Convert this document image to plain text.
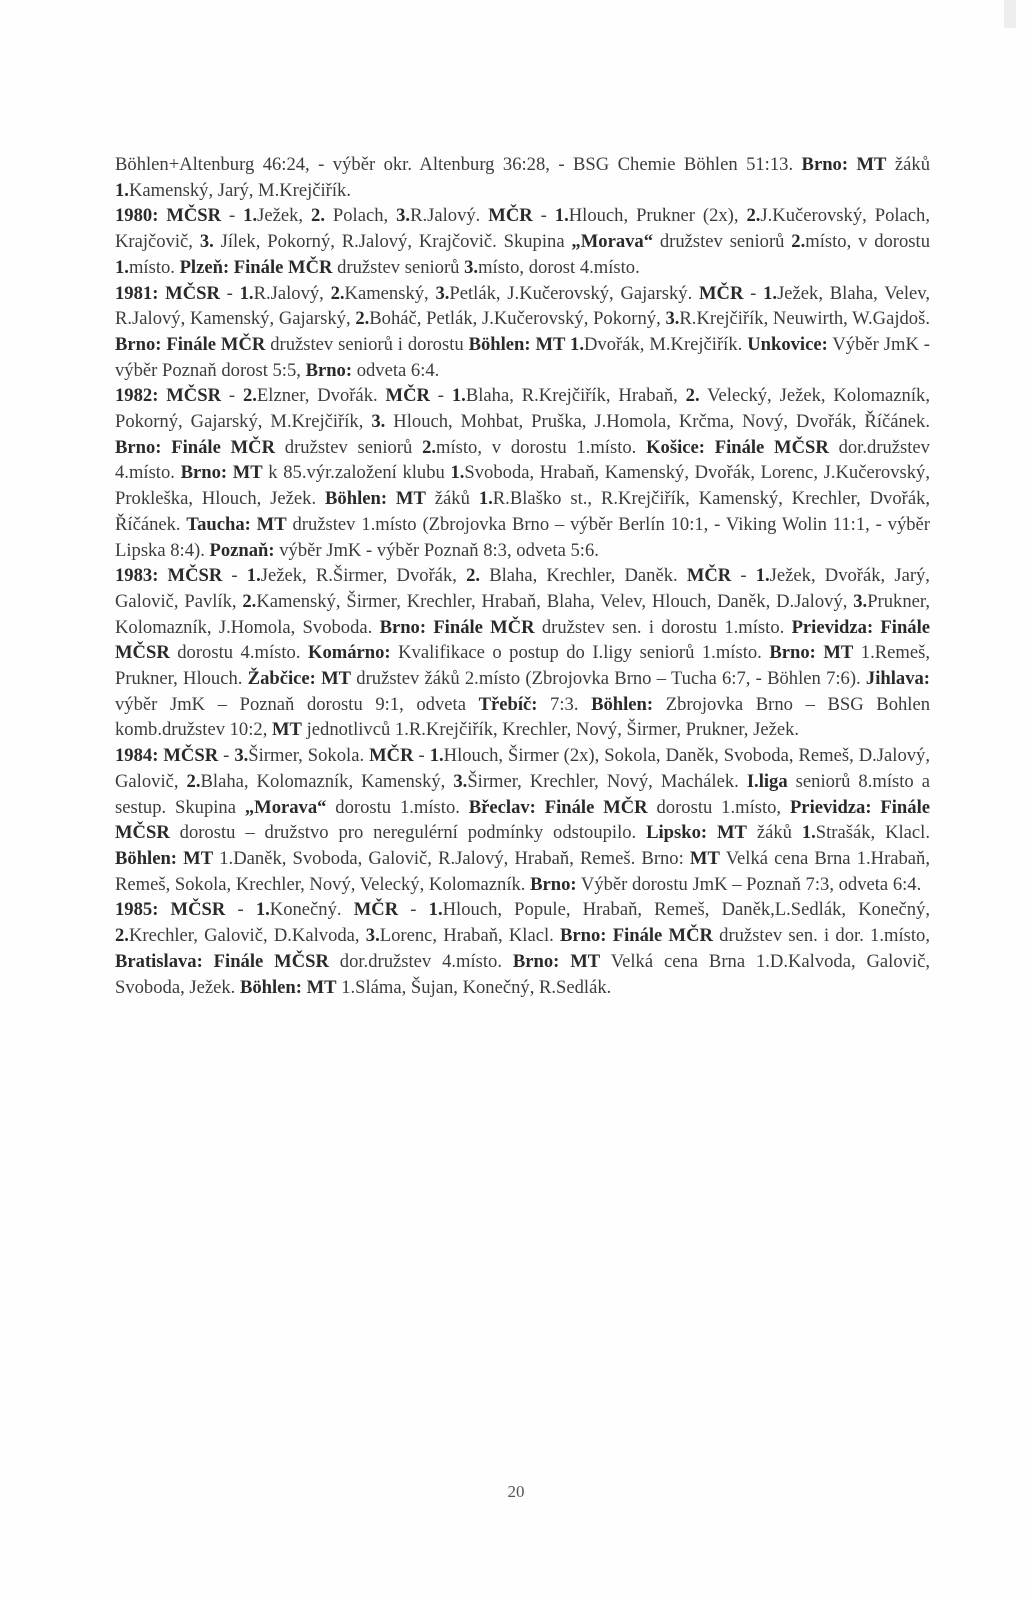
Böhlen+Altenburg 46:24, - výběr okr. Altenburg 36:28, - BSG Chemie Böhlen 51:13. Brno: MT žáků 1.Kamenský, Jarý, M.Krejčiřík.

1980: MČSR - 1.Ježek, 2. Polach, 3.R.Jalový. MČR - 1.Hlouch, Prukner (2x), 2.J.Kučerovský, Polach, Krajčovič, 3. Jílek, Pokorný, R.Jalový, Krajčovič. Skupina „Morava“ družstev seniorů 2.místo, v dorostu 1.místo. Plzeň: Finále MČR družstev seniorů 3.místo, dorost 4.místo.

1981: MČSR - 1.R.Jalový, 2.Kamenský, 3.Petlák, J.Kučerovský, Gajarský. MČR - 1.Ježek, Blaha, Velev, R.Jalový, Kamenský, Gajarský, 2.Boháč, Petlák, J.Kučerovský, Pokorný, 3.R.Krejčiřík, Neuwirth, W.Gajdoš. Brno: Finále MČR družstev seniorů i dorostu Böhlen: MT 1.Dvořák, M.Krejčiřík. Unkovice: Výběr JmK - výběr Poznaň dorost 5:5, Brno: odveta 6:4.

1982: MČSR - 2.Elzner, Dvořák. MČR - 1.Blaha, R.Krejčiřík, Hrabaň, 2. Velecký, Ježek, Kolomazník, Pokorný, Gajarský, M.Krejčiřík, 3. Hlouch, Mohbat, Pruška, J.Homola, Krčma, Nový, Dvořák, Říčánek. Brno: Finále MČR družstev seniorů 2.místo, v dorostu 1.místo. Košice: Finále MČSR dor.družstev 4.místo. Brno: MT k 85.výr.založení klubu 1.Svoboda, Hrabaň, Kamenský, Dvořák, Lorenc, J.Kučerovský, Prokleška, Hlouch, Ježek. Böhlen: MT žáků 1.R.Blaško st., R.Krejčiřík, Kamenský, Krechler, Dvořák, Říčánek. Taucha: MT družstev 1.místo (Zbrojovka Brno – výběr Berlín 10:1, - Viking Wolin 11:1, - výběr Lipska 8:4). Poznaň: výběr JmK - výběr Poznaň 8:3, odveta 5:6.

1983: MČSR - 1.Ježek, R.Širmer, Dvořák, 2. Blaha, Krechler, Daněk. MČR - 1.Ježek, Dvořák, Jarý, Galovič, Pavlík, 2.Kamenský, Širmer, Krechler, Hrabaň, Blaha, Velev, Hlouch, Daněk, D.Jalový, 3.Prukner, Kolomazník, J.Homola, Svoboda. Brno: Finále MČR družstev sen. i dorostu 1.místo. Prievidza: Finále MČSR dorostu 4.místo. Komárno: Kvalifikace o postup do I.ligy seniorů 1.místo. Brno: MT 1.Remeš, Prukner, Hlouch. Žabčice: MT družstev žáků 2.místo (Zbrojovka Brno – Tucha 6:7, - Böhlen 7:6). Jihlava: výběr JmK – Poznaň dorostu 9:1, odveta Třebíč: 7:3. Böhlen: Zbrojovka Brno – BSG Bohlen komb.družstev 10:2, MT jednotlivců 1.R.Krejčiřík, Krechler, Nový, Širmer, Prukner, Ježek.

1984: MČSR - 3.Širmer, Sokola. MČR - 1.Hlouch, Širmer (2x), Sokola, Daněk, Svoboda, Remeš, D.Jalový, Galovič, 2.Blaha, Kolomazník, Kamenský, 3.Širmer, Krechler, Nový, Machálek. I.liga seniorů 8.místo a sestup. Skupina „Morava“ dorostu 1.místo. Břeclav: Finále MČR dorostu 1.místo, Prievidza: Finále MČSR dorostu – družstvo pro neregulérní podmínky odstoupilo. Lipsko: MT žáků 1.Strašák, Klacl. Böhlen: MT 1.Daněk, Svoboda, Galovič, R.Jalový, Hrabaň, Remeš. Brno: MT Velká cena Brna 1.Hrabaň, Remeš, Sokola, Krechler, Nový, Velecký, Kolomazník. Brno: Výběr dorostu JmK – Poznaň 7:3, odveta 6:4.

1985: MČSR - 1.Konečný. MČR - 1.Hlouch, Popule, Hrabaň, Remeš, Daněk,L.Sedlák, Konečný, 2.Krechler, Galovič, D.Kalvoda, 3.Lorenc, Hrabaň, Klacl. Brno: Finále MČR družstev sen. i dor. 1.místo, Bratislava: Finále MČSR dor.družstev 4.místo. Brno: MT Velká cena Brna 1.D.Kalvoda, Galovič, Svoboda, Ježek. Böhlen: MT 1.Sláma, Šujan, Konečný, R.Sedlák.

20
